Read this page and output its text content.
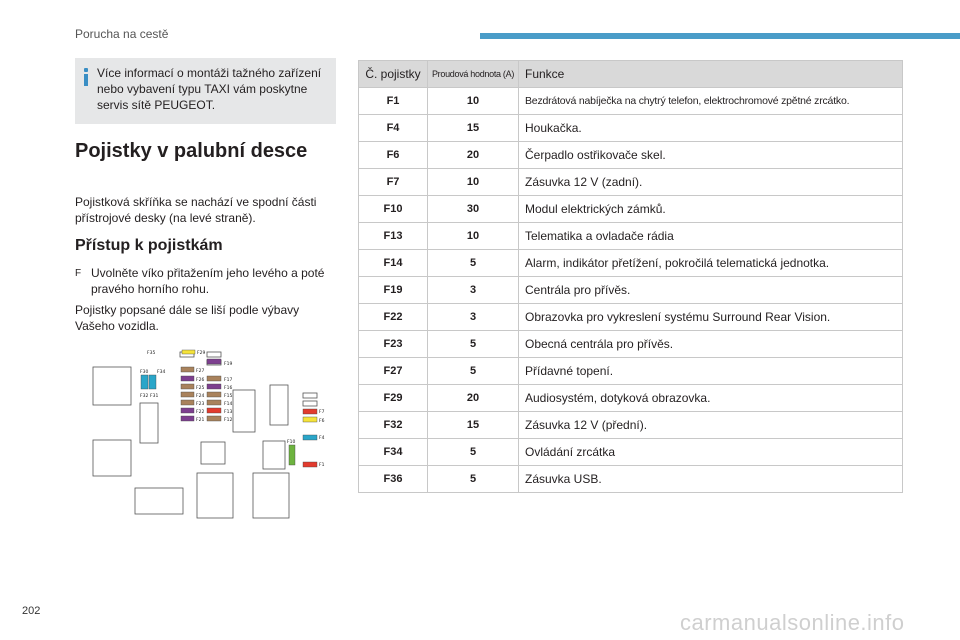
Porucha na cestě
Více informací o montáži tažného zařízení nebo vybavení typu TAXI vám poskytne servis sítě PEUGEOT.
Pojistky v palubní desce
Pojistková skříňka se nachází ve spodní části přístrojové desky (na levé straně).
Přístup k pojistkám
F Uvolněte víko přitažením jeho levého a poté pravého horního rohu.
Pojistky popsané dále se liší podle výbavy Vašeho vozidla.
F35	F29
F19
F30 F34	F27
F32 F31
F26	F17
F25	F16
F24	F15
F23	F14
F22	F13
F21	F12
F7
F6
F10
F4
F1
Č. pojistky	Proudová hodnota (A)	Funkce
F1	10	Bezdrátová nabíječka na chytrý telefon, elektrochromové zpětné zrcátko.
F4	15	Houkačka.
F6	20	Čerpadlo ostřikovače skel.
F7	10	Zásuvka 12 V (zadní).
F10	30	Modul elektrických zámků.
F13	10	Telematika a ovladače rádia
F14	5	Alarm, indikátor přetížení, pokročilá telematická jednotka.
F19	3	Centrála pro přívěs.
F22	3	Obrazovka pro vykreslení systému Surround Rear Vision.
F23	5	Obecná centrála pro přívěs.
F27	5	Přídavné topení.
F29	20	Audiosystém, dotyková obrazovka.
F32	15	Zásuvka 12 V (přední).
F34	5	Ovládání zrcátka
F36	5	Zásuvka USB.
202	carmanualsonline.info
